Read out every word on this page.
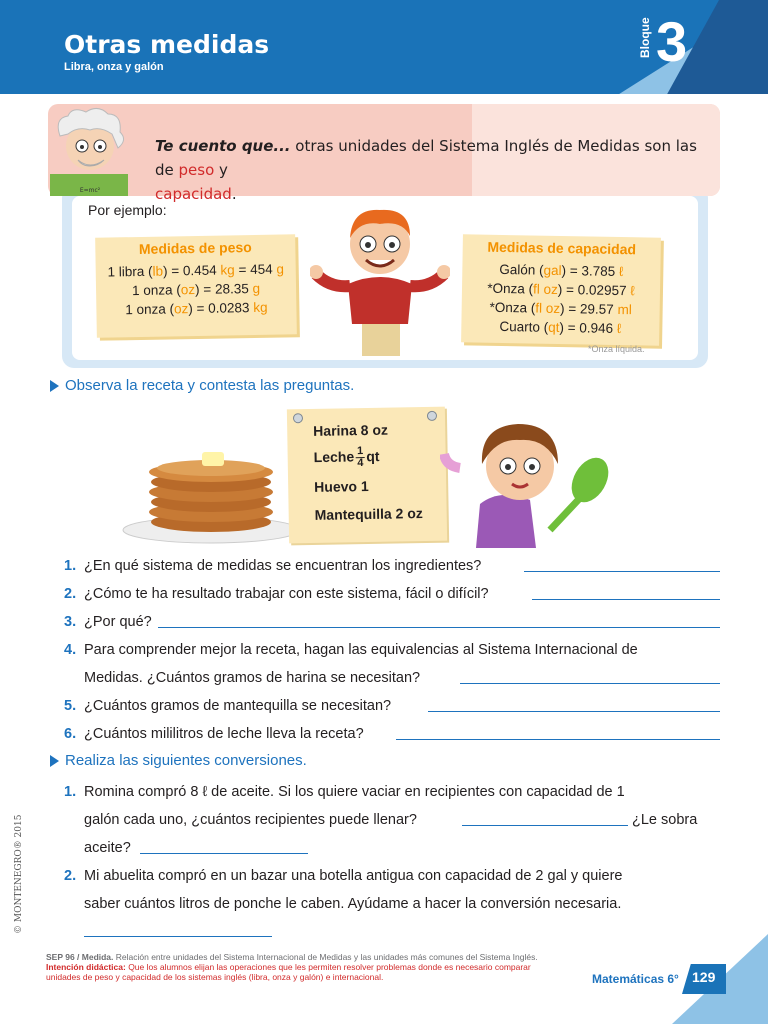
Otras medidas
Libra, onza y galón
Bloque 3
E=mc²
Te cuento que... otras unidades del Sistema Inglés de Medidas son las de peso y
capacidad.
Por ejemplo:
Medidas de peso
1 libra (lb) = 0.454 kg = 454 g
1 onza (oz) = 28.35 g
1 onza (oz) = 0.0283 kg
Medidas de capacidad
Galón (gal) = 3.785 ℓ
*Onza (fl oz) = 0.02957 ℓ
*Onza (fl oz) = 29.57 ml
Cuarto (qt) = 0.946 ℓ
*Onza líquida.
Observa la receta y contesta las preguntas.
Harina 8 oz
Leche $\frac{1}{4}$ qt
Huevo 1
Mantequilla 2 oz
1. ¿En qué sistema de medidas se encuentran los ingredientes?
2. ¿Cómo te ha resultado trabajar con este sistema, fácil o difícil?
3. ¿Por qué?
4. Para comprender mejor la receta, hagan las equivalencias al Sistema Internacional de
Medidas. ¿Cuántos gramos de harina se necesitan?
5. ¿Cuántos gramos de mantequilla se necesitan?
6. ¿Cuántos mililitros de leche lleva la receta?
Realiza las siguientes conversiones.
1. Romina compró 8 ℓ de aceite. Si los quiere vaciar en recipientes con capacidad de 1
galón cada uno, ¿cuántos recipientes puede llenar?	¿Le sobra

aceite?
2. Mi abuelita compró en un bazar una botella antigua con capacidad de 2 gal y quiere
saber cuántos litros de ponche le caben. Ayúdame a hacer la conversión necesaria.
© MONTENEGRO® 2015
SEP 96 / Medida. Relación entre unidades del Sistema Internacional de Medidas y las unidades más comunes del Sistema Inglés. Intención didáctica: Que los alumnos elijan las operaciones que les permiten resolver problemas donde es necesario comparar unidades de peso y capacidad de los sistemas inglés (libra, onza y galón) e internacional.	Matemáticas 6° 129
